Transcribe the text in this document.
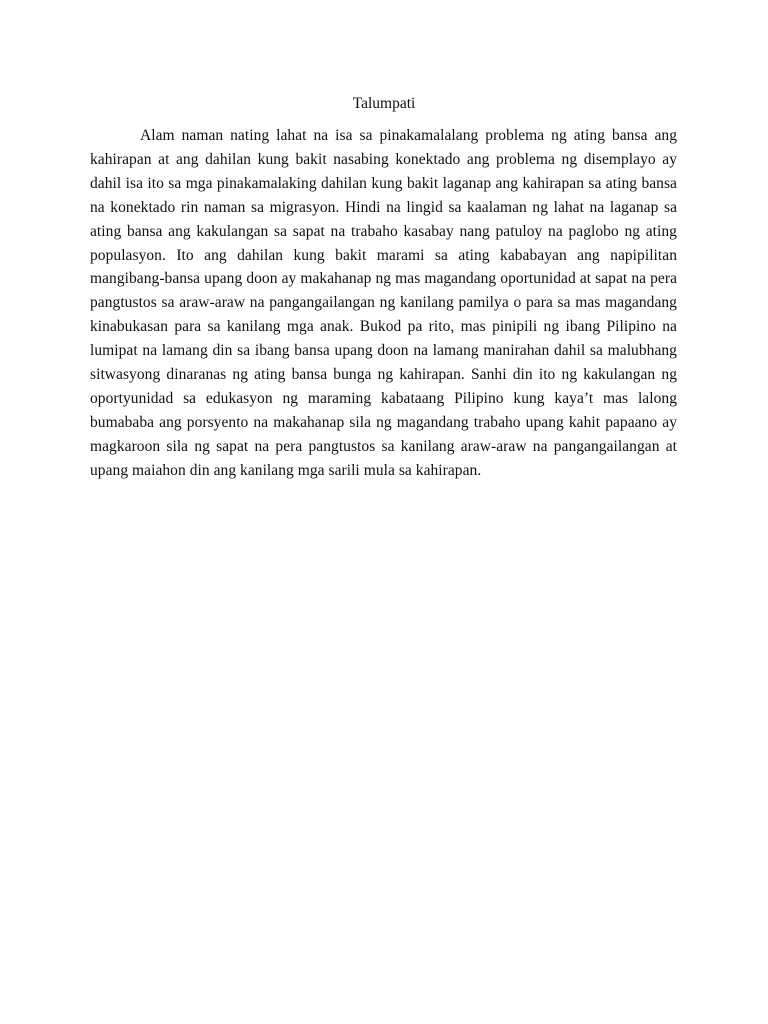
Talumpati

Alam naman nating lahat na isa sa pinakamalalang problema ng ating bansa ang kahirapan at ang dahilan kung bakit nasabing konektado ang problema ng disemplayo ay dahil isa ito sa mga pinakamalaking dahilan kung bakit laganap ang kahirapan sa ating bansa na konektado rin naman sa migrasyon. Hindi na lingid sa kaalaman ng lahat na laganap sa ating bansa ang kakulangan sa sapat na trabaho kasabay nang patuloy na paglobo ng ating populasyon. Ito ang dahilan kung bakit marami sa ating kababayan ang napipilitan mangibang-bansa upang doon ay makahanap ng mas magandang oportunidad at sapat na pera pangtustos sa araw-araw na pangangailangan ng kanilang pamilya o para sa mas magandang kinabukasan para sa kanilang mga anak. Bukod pa rito, mas pinipili ng ibang Pilipino na lumipat na lamang din sa ibang bansa upang doon na lamang manirahan dahil sa malubhang sitwasyong dinaranas ng ating bansa bunga ng kahirapan. Sanhi din ito ng kakulangan ng oportyunidad sa edukasyon ng maraming kabataang Pilipino kung kaya’t mas lalong bumababa ang porsyento na makahanap sila ng magandang trabaho upang kahit papaano ay magkaroon sila ng sapat na pera pangtustos sa kanilang araw-araw na pangangailangan at upang maiahon din ang kanilang mga sarili mula sa kahirapan.
